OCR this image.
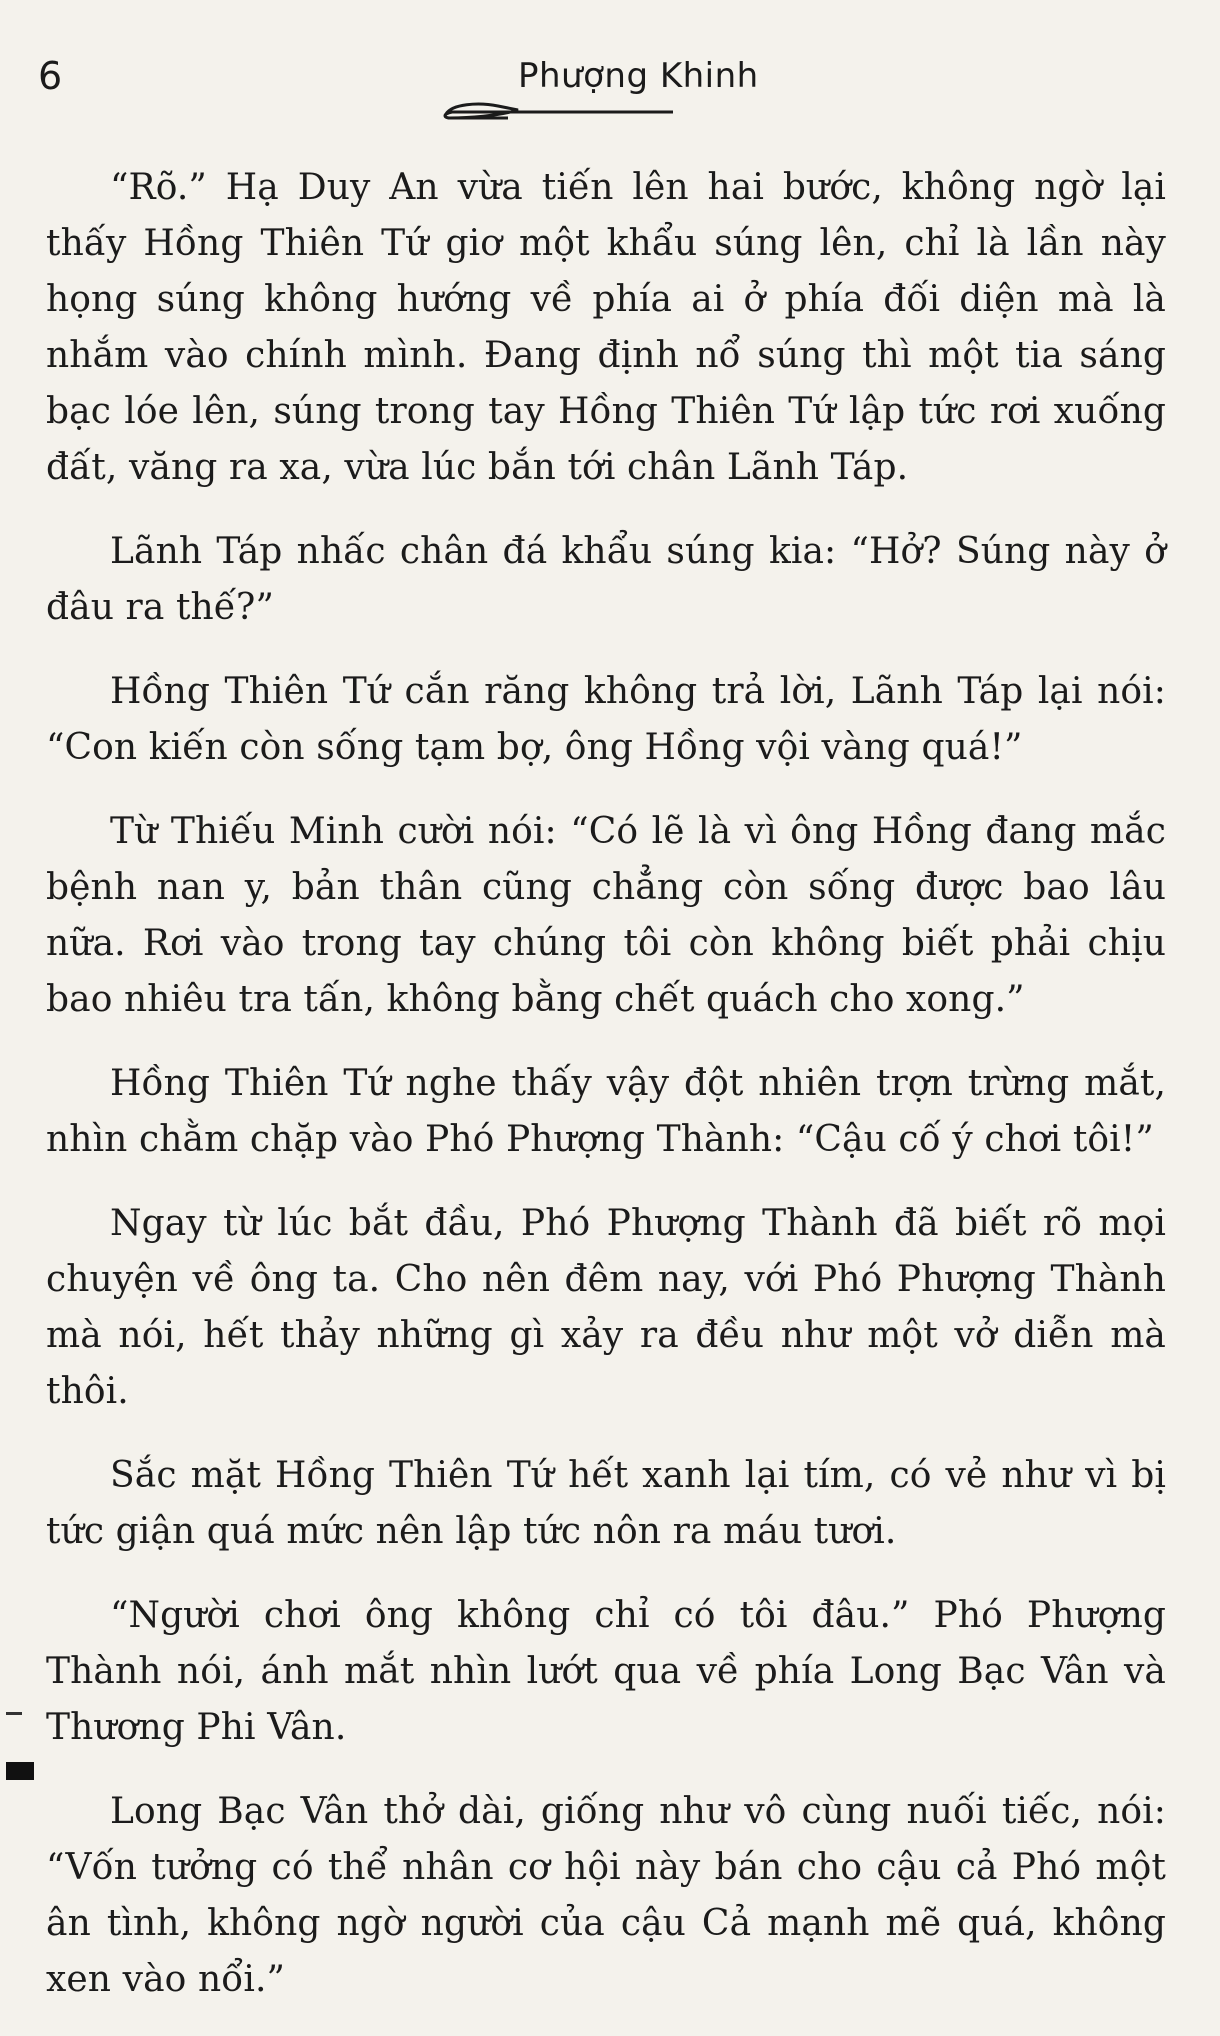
6	Phượng Khinh

“Rõ.” Hạ Duy An vừa tiến lên hai bước, không ngờ lại thấy Hồng Thiên Tứ giơ một khẩu súng lên, chỉ là lần này họng súng không hướng về phía ai ở phía đối diện mà là nhắm vào chính mình. Đang định nổ súng thì một tia sáng bạc lóe lên, súng trong tay Hồng Thiên Tứ lập tức rơi xuống đất, văng ra xa, vừa lúc bắn tới chân Lãnh Táp.

Lãnh Táp nhấc chân đá khẩu súng kia: “Hở? Súng này ở đâu ra thế?”

Hồng Thiên Tứ cắn răng không trả lời, Lãnh Táp lại nói: “Con kiến còn sống tạm bợ, ông Hồng vội vàng quá!”

Từ Thiếu Minh cười nói: “Có lẽ là vì ông Hồng đang mắc bệnh nan y, bản thân cũng chẳng còn sống được bao lâu nữa. Rơi vào trong tay chúng tôi còn không biết phải chịu bao nhiêu tra tấn, không bằng chết quách cho xong.”

Hồng Thiên Tứ nghe thấy vậy đột nhiên trợn trừng mắt, nhìn chằm chặp vào Phó Phượng Thành: “Cậu cố ý chơi tôi!”

Ngay từ lúc bắt đầu, Phó Phượng Thành đã biết rõ mọi chuyện về ông ta. Cho nên đêm nay, với Phó Phượng Thành mà nói, hết thảy những gì xảy ra đều như một vở diễn mà thôi.

Sắc mặt Hồng Thiên Tứ hết xanh lại tím, có vẻ như vì bị tức giận quá mức nên lập tức nôn ra máu tươi.

“Người chơi ông không chỉ có tôi đâu.” Phó Phượng Thành nói, ánh mắt nhìn lướt qua về phía Long Bạc Vân và Thương Phi Vân.

Long Bạc Vân thở dài, giống như vô cùng nuối tiếc, nói: “Vốn tưởng có thể nhân cơ hội này bán cho cậu cả Phó một ân tình, không ngờ người của cậu Cả mạnh mẽ quá, không xen vào nổi.”
